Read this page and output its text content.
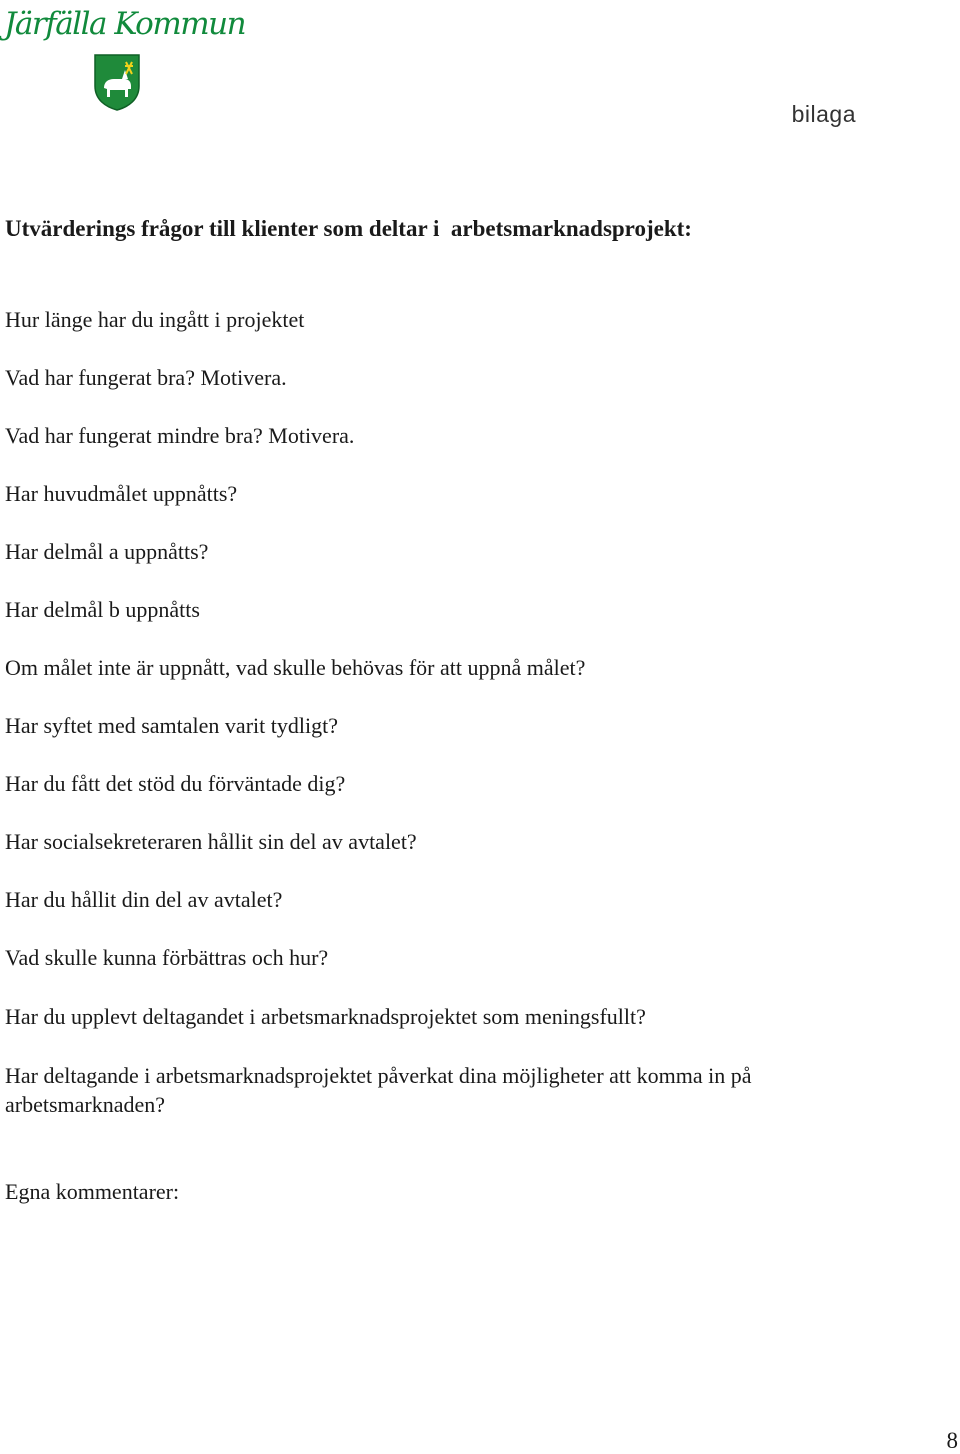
Järfälla Kommun
bilaga
Utvärderings frågor till klienter som deltar i  arbetsmarknadsprojekt:
Hur länge har du ingått i projektet
Vad har fungerat bra? Motivera.
Vad har fungerat mindre bra? Motivera.
Har huvudmålet uppnåtts?
Har delmål a uppnåtts?
Har delmål b uppnåtts
Om målet inte är uppnått, vad skulle behövas för att uppnå målet?
Har syftet med samtalen varit tydligt?
Har du fått det stöd du förväntade dig?
Har socialsekreteraren hållit sin del av avtalet?
Har du hållit din del av avtalet?
Vad skulle kunna förbättras och hur?
Har du upplevt deltagandet i arbetsmarknadsprojektet som meningsfullt?
Har deltagande i arbetsmarknadsprojektet påverkat dina möjligheter att komma in på arbetsmarknaden?
Egna kommentarer:
8
